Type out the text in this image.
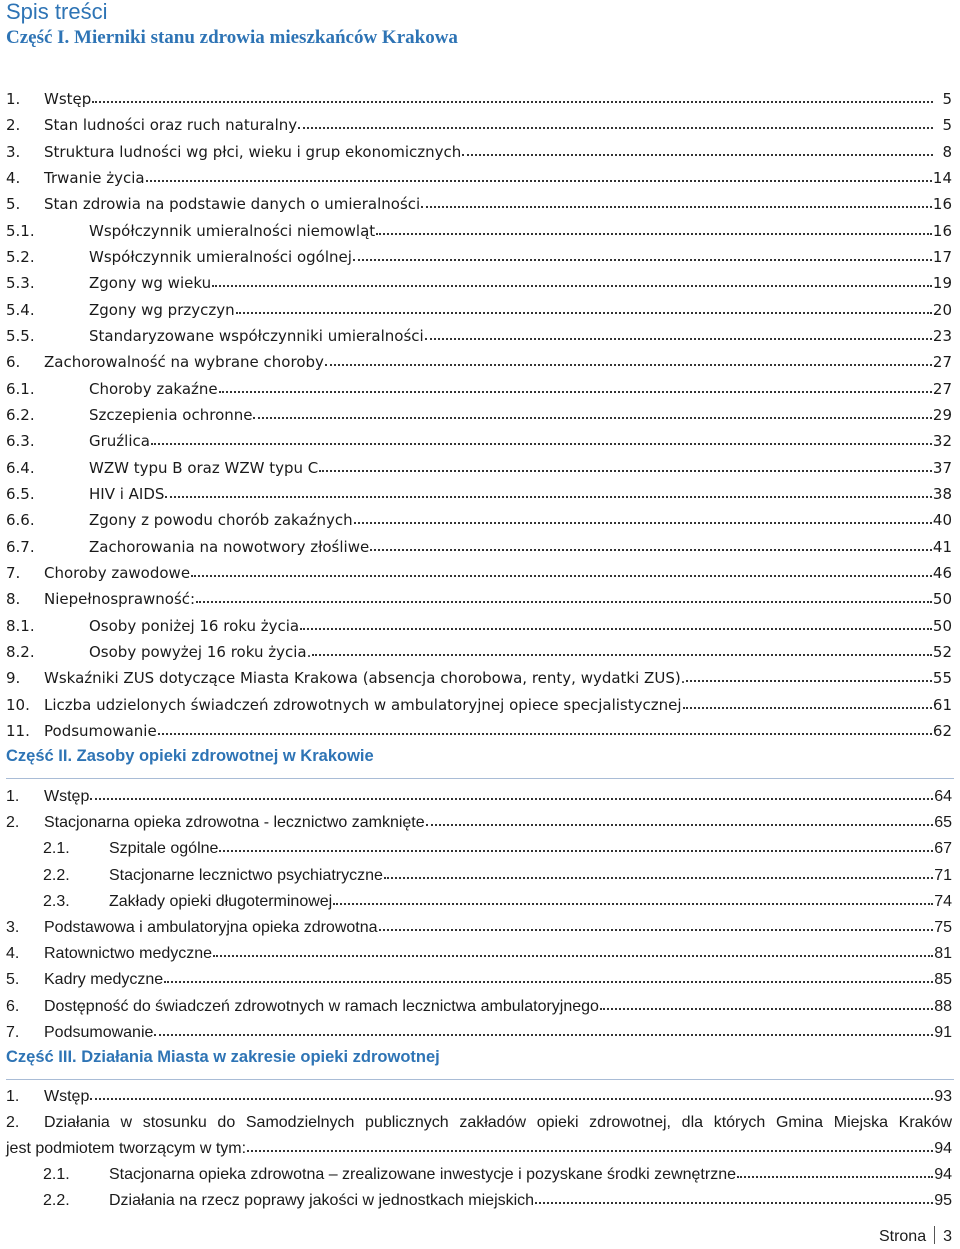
Spis treści
Część I. Mierniki stanu zdrowia mieszkańców Krakowa
1.	Wstęp	5
2.	Stan ludności oraz ruch naturalny	5
3.	Struktura ludności wg płci, wieku i grup ekonomicznych	8
4.	Trwanie życia	14
5.	Stan zdrowia na podstawie danych o umieralności	16
5.1.	Współczynnik umieralności niemowląt	16
5.2.	Współczynnik umieralności ogólnej	17
5.3.	Zgony wg wieku	19
5.4.	Zgony wg przyczyn	20
5.5.	Standaryzowane współczynniki umieralności	23
6.	Zachorowalność na wybrane choroby	27
6.1.	Choroby zakaźne	27
6.2.	Szczepienia ochronne	29
6.3.	Gruźlica	32
6.4.	WZW typu B oraz WZW typu C	37
6.5.	HIV i AIDS	38
6.6.	Zgony z powodu chorób zakaźnych	40
6.7.	Zachorowania na nowotwory złośliwe	41
7.	Choroby zawodowe	46
8.	Niepełnosprawność:	50
8.1.	Osoby poniżej 16 roku życia	50
8.2.	Osoby powyżej 16 roku życia.	52
9.	Wskaźniki ZUS dotyczące Miasta Krakowa (absencja chorobowa, renty, wydatki ZUS).	55
10. Liczba udzielonych świadczeń zdrowotnych w ambulatoryjnej opiece specjalistycznej	61
11. Podsumowanie	62
Część II. Zasoby opieki zdrowotnej w Krakowie
1.	Wstęp	64
2.	Stacjonarna opieka zdrowotna - lecznictwo zamknięte	65
2.1.	Szpitale ogólne	67
2.2.	Stacjonarne lecznictwo psychiatryczne	71
2.3.	Zakłady opieki długoterminowej	74
3.	Podstawowa i ambulatoryjna opieka zdrowotna	75
4.	Ratownictwo medyczne	81
5.	Kadry medyczne	85
6.	Dostępność do świadczeń zdrowotnych w ramach lecznictwa ambulatoryjnego	88
7.	Podsumowanie	91
Część III. Działania Miasta w zakresie opieki zdrowotnej
1.	Wstęp	93
2.	Działania w stosunku do Samodzielnych publicznych zakładów opieki zdrowotnej, dla których Gmina Miejska Kraków
jest podmiotem tworzącym w tym:	94
2.1.	Stacjonarna opieka zdrowotna – zrealizowane inwestycje i pozyskane środki zewnętrzne	94
2.2.	Działania na rzecz poprawy jakości w jednostkach miejskich	95
Strona 3
